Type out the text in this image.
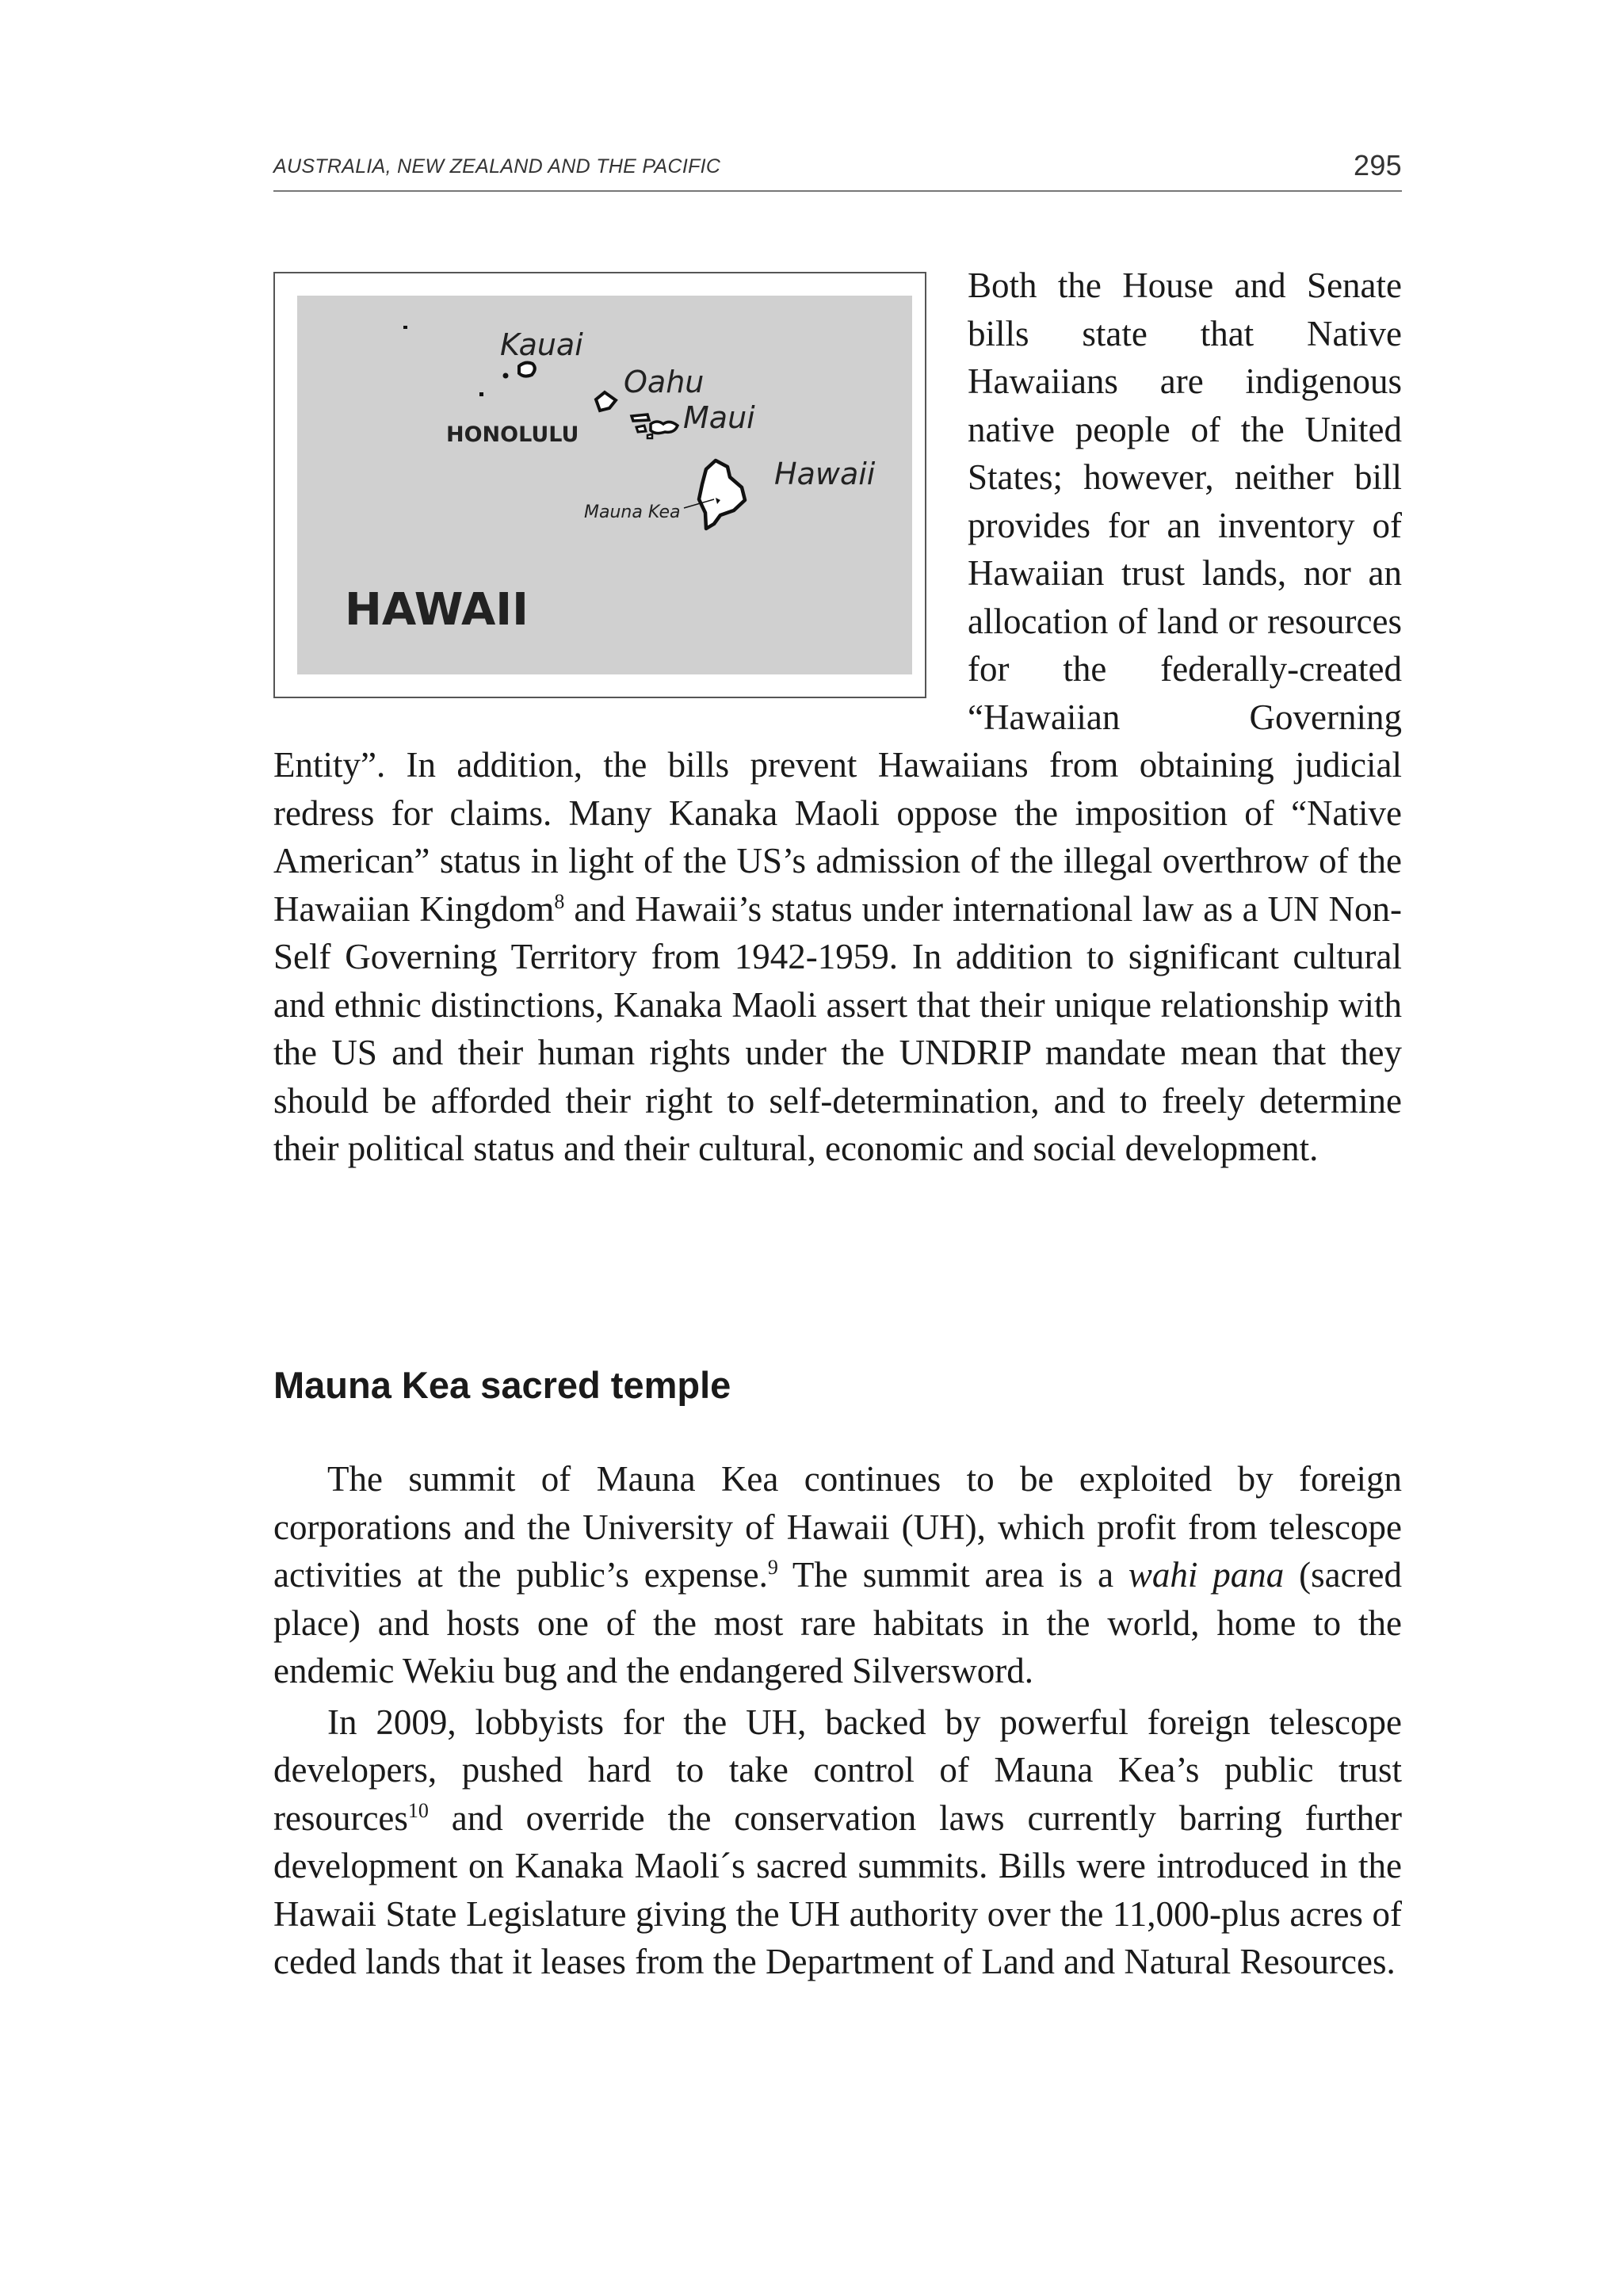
AUSTRALIA, NEW ZEALAND AND THE PACIFIC	295
Kauai
Oahu
Maui
Hawaii
HONOLULU
Mauna Kea
HAWAII

Both the House and Senate bills state that Native Hawaiians are indigenous native people of the United States; however, neither bill provides for an inventory of Hawaiian trust lands, nor an allocation of land or resources for the federally-created “Hawaiian Governing Entity”. In addition, the bills prevent Hawaiians from obtaining judicial redress for claims. Many Kanaka Maoli oppose the imposition of “Native American” status in light of the US’s admission of the illegal overthrow of the Hawaiian Kingdom$^8$ and Hawaii’s status under international law as a UN Non-Self Governing Territory from 1942-1959. In addition to significant cultural and ethnic distinctions, Kanaka Maoli assert that their unique relationship with the US and their human rights under the UNDRIP mandate mean that they should be afforded their right to self-determination, and to freely determine their political status and their cultural, economic and social development.

Mauna Kea sacred temple

The summit of Mauna Kea continues to be exploited by foreign corporations and the University of Hawaii (UH), which profit from telescope activities at the public’s expense.$^9$ The summit area is a wahi pana (sacred place) and hosts one of the most rare habitats in the world, home to the endemic Wekiu bug and the endangered Silversword.

In 2009, lobbyists for the UH, backed by powerful foreign telescope developers, pushed hard to take control of Mauna Kea’s public trust resources$^{10}$ and override the conservation laws currently barring further development on Kanaka Maoli´s sacred summits. Bills were introduced in the Hawaii State Legislature giving the UH authority over the 11,000-plus acres of ceded lands that it leases from the Department of Land and Natural Resources.
